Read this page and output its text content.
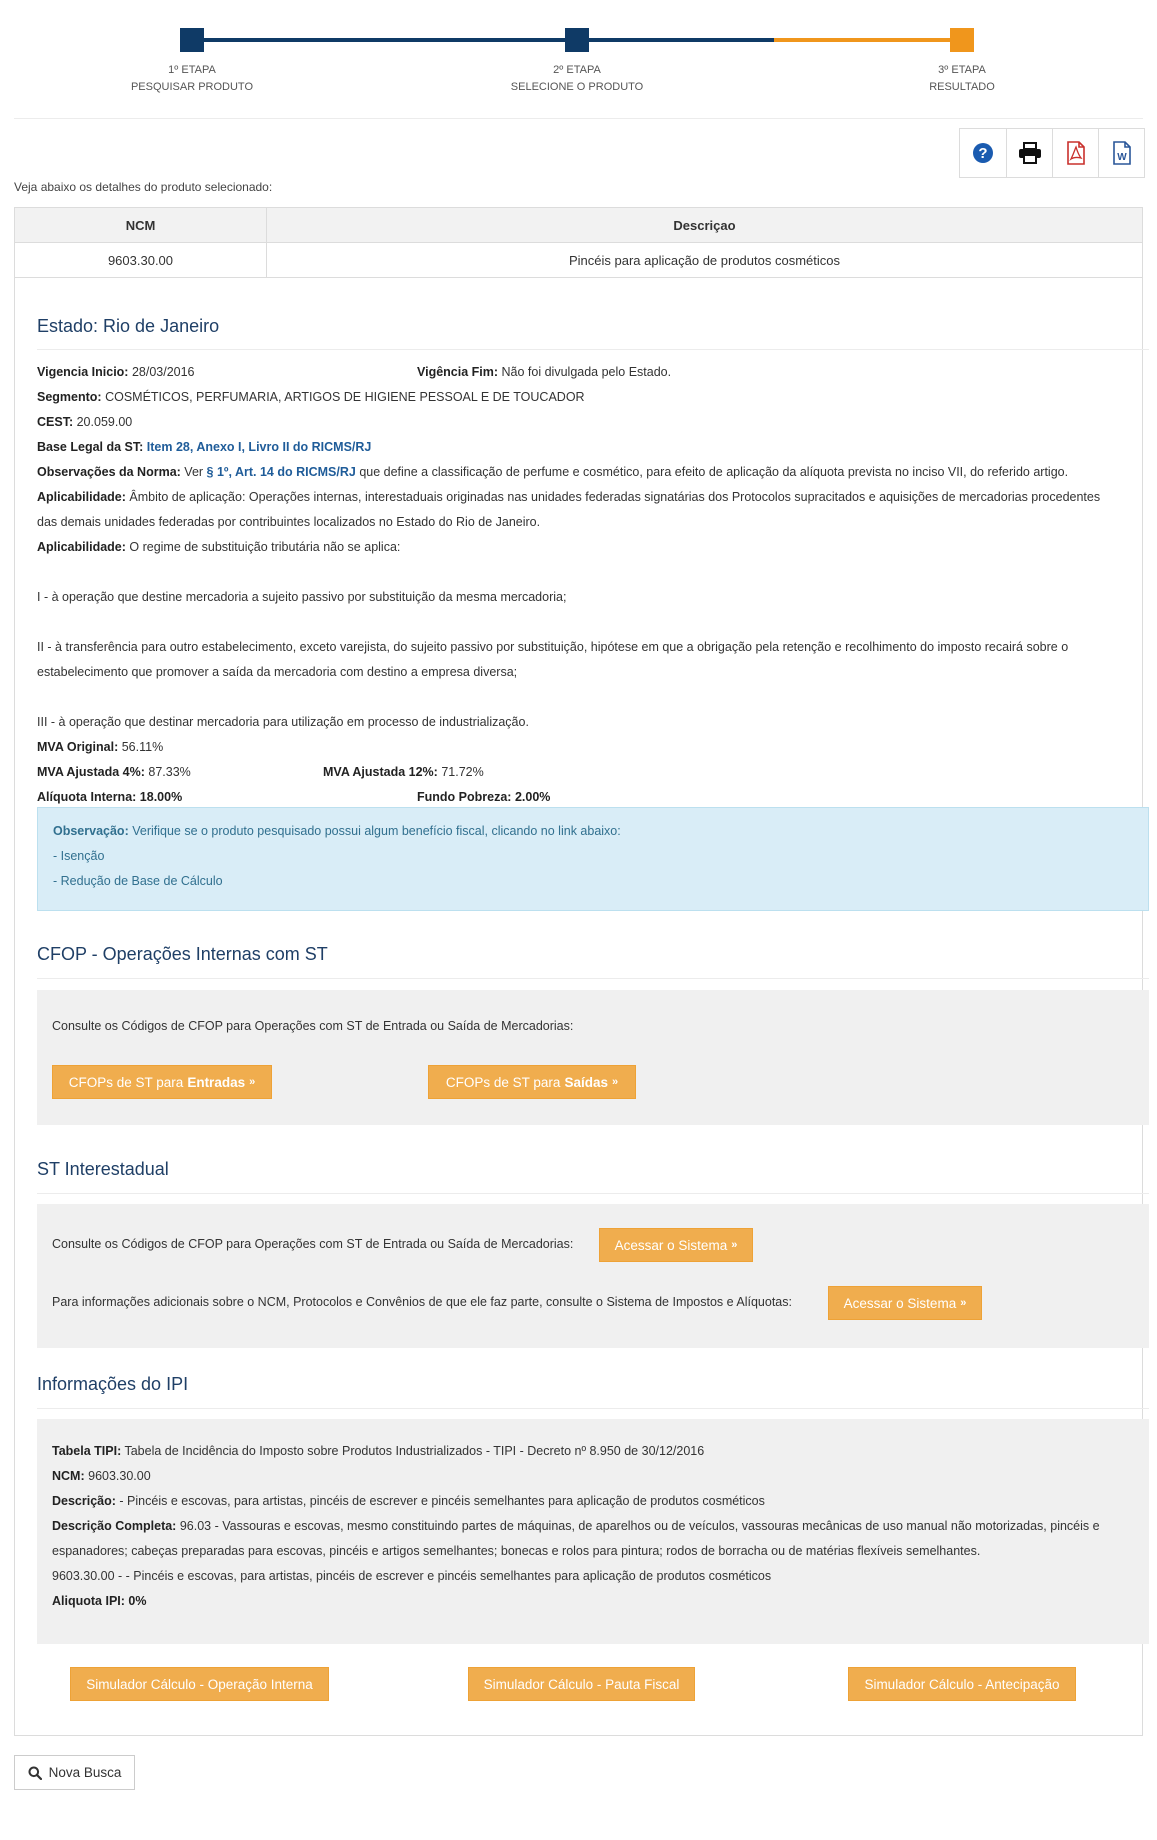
1º ETAPA
PESQUISAR PRODUTO
2º ETAPA
SELECIONE O PRODUTO
3º ETAPA
RESULTADO
?	W
Veja abaixo os detalhes do produto selecionado:
NCM	Descriçao
9603.30.00	Pincéis para aplicação de produtos cosméticos
Estado: Rio de Janeiro
Vigencia Inicio: 28/03/2016	Vigência Fim: Não foi divulgada pelo Estado.
Segmento: COSMÉTICOS, PERFUMARIA, ARTIGOS DE HIGIENE PESSOAL E DE TOUCADOR
CEST: 20.059.00
Base Legal da ST: Item 28, Anexo I, Livro II do RICMS/RJ
Observações da Norma: Ver § 1º, Art. 14 do RICMS/RJ que define a classificação de perfume e cosmético, para efeito de aplicação da alíquota prevista no inciso VII, do referido artigo.
Aplicabilidade: Âmbito de aplicação: Operações internas, interestaduais originadas nas unidades federadas signatárias dos Protocolos supracitados e aquisições de mercadorias procedentes
das demais unidades federadas por contribuintes localizados no Estado do Rio de Janeiro.
Aplicabilidade: O regime de substituição tributária não se aplica:
I - à operação que destine mercadoria a sujeito passivo por substituição da mesma mercadoria;
II - à transferência para outro estabelecimento, exceto varejista, do sujeito passivo por substituição, hipótese em que a obrigação pela retenção e recolhimento do imposto recairá sobre o
estabelecimento que promover a saída da mercadoria com destino a empresa diversa;
III - à operação que destinar mercadoria para utilização em processo de industrialização.
MVA Original: 56.11%
MVA Ajustada 4%: 87.33%	MVA Ajustada 12%: 71.72%
Alíquota Interna: 18.00%	Fundo Pobreza: 2.00%
Observação: Verifique se o produto pesquisado possui algum benefício fiscal, clicando no link abaixo:
- Isenção
- Redução de Base de Cálculo
CFOP - Operações Internas com ST
Consulte os Códigos de CFOP para Operações com ST de Entrada ou Saída de Mercadorias:
CFOPs de ST para Entradas »	CFOPs de ST para Saídas »
ST Interestadual
Consulte os Códigos de CFOP para Operações com ST de Entrada ou Saída de Mercadorias:	Acessar o Sistema »
Para informações adicionais sobre o NCM, Protocolos e Convênios de que ele faz parte, consulte o Sistema de Impostos e Alíquotas:	Acessar o Sistema »
Informações do IPI
Tabela TIPI: Tabela de Incidência do Imposto sobre Produtos Industrializados - TIPI - Decreto nº 8.950 de 30/12/2016
NCM: 9603.30.00
Descrição: - Pincéis e escovas, para artistas, pincéis de escrever e pincéis semelhantes para aplicação de produtos cosméticos
Descrição Completa: 96.03 - Vassouras e escovas, mesmo constituindo partes de máquinas, de aparelhos ou de veículos, vassouras mecânicas de uso manual não motorizadas, pincéis e
espanadores; cabeças preparadas para escovas, pincéis e artigos semelhantes; bonecas e rolos para pintura; rodos de borracha ou de matérias flexíveis semelhantes.
9603.30.00 - - Pincéis e escovas, para artistas, pincéis de escrever e pincéis semelhantes para aplicação de produtos cosméticos
Aliquota IPI: 0%
Simulador Cálculo - Operação Interna	Simulador Cálculo - Pauta Fiscal	Simulador Cálculo - Antecipação
Nova Busca
